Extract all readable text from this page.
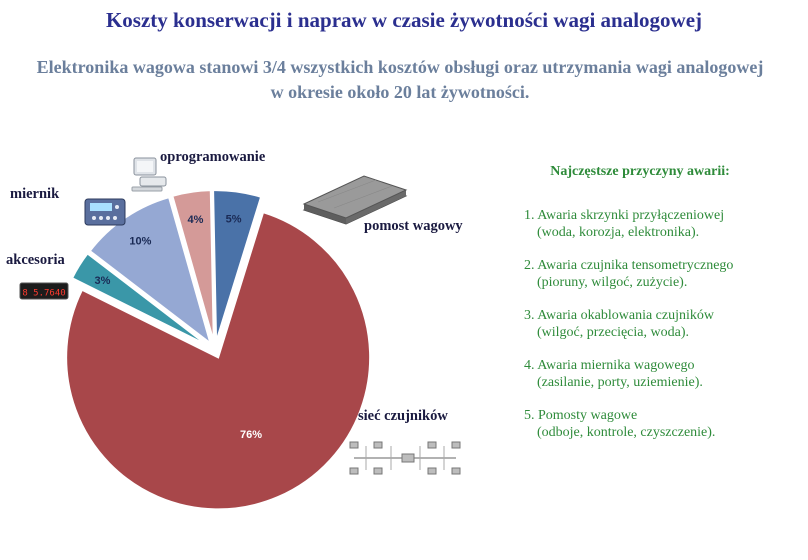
Koszty konserwacji i napraw w czasie żywotności wagi analogowej
Elektronika wagowa stanowi 3/4 wszystkich kosztów obsługi oraz utrzymania wagi analogowej w okresie około 20 lat żywotności.
5%
76%
3%
10%
4%
oprogramowanie
miernik
akcesoria
pomost wagowy
sieć czujników
8 5.7640
Najczęstsze przyczyny awarii:
1. Awaria skrzynki przyłączeniowej
(woda, korozja, elektronika).
2. Awaria czujnika tensometrycznego
(pioruny, wilgoć, zużycie).
3. Awaria okablowania czujników
(wilgoć, przecięcia, woda).
4. Awaria miernika wagowego
(zasilanie, porty, uziemienie).
5. Pomosty wagowe
(odboje, kontrole, czyszczenie).
